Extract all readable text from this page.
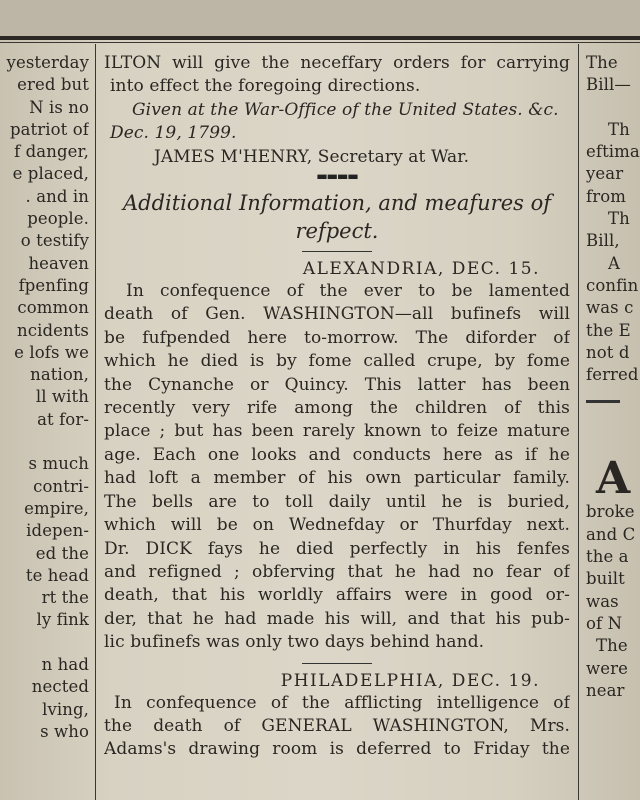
yesterday
ered but
N is no
patriot of
f danger,
e placed,
. and in
people.
o testify
heaven
fpenfing
common
ncidents
e lofs we
nation,
ll with
at for-

s much
contri-
empire,
idepen-
ed the
te head
rt the
ly fink

n had
nected
lving,
s who
ILTON will give the neceffary orders for carrying
into effect the foregoing directions.
Given at the War-Office of the United States. &c.
Dec. 19, 1799.
JAMES M'HENRY, Secretary at War.
▬▬▬▬
Additional Information, and meafures of
refpect.
ALEXANDRIA, DEC. 15.
In confequence of the ever to be lamented
death of Gen. WASHINGTON—all bufinefs will
be fufpended here to-morrow. The diforder of
which he died is by fome called crupe, by fome
the Cynanche or Quincy. This latter has been
recently very rife among the children of this
place ; but has been rarely known to feize mature
age. Each one looks and conducts here as if he
had loft a member of his own particular family.
The bells are to toll daily until he is buried,
which will be on Wednefday or Thurfday next.
Dr. DICK fays he died perfectly in his fenfes
and refigned ; obferving that he had no fear of
death, that his worldly affairs were in good or-
der, that he had made his will, and that his pub-
lic bufinefs was only two days behind hand.
PHILADELPHIA, DEC. 19.
In confequence of the afflicting intelligence of
the death of GENERAL WASHINGTON, Mrs.
Adams's drawing room is deferred to Friday the
The
Bill—

Th
eftima
year
from
Th
Bill,
A
confin
was c
the E
not d
ferred

A
broke
and C
the a
built
was
of N
The
were
near
